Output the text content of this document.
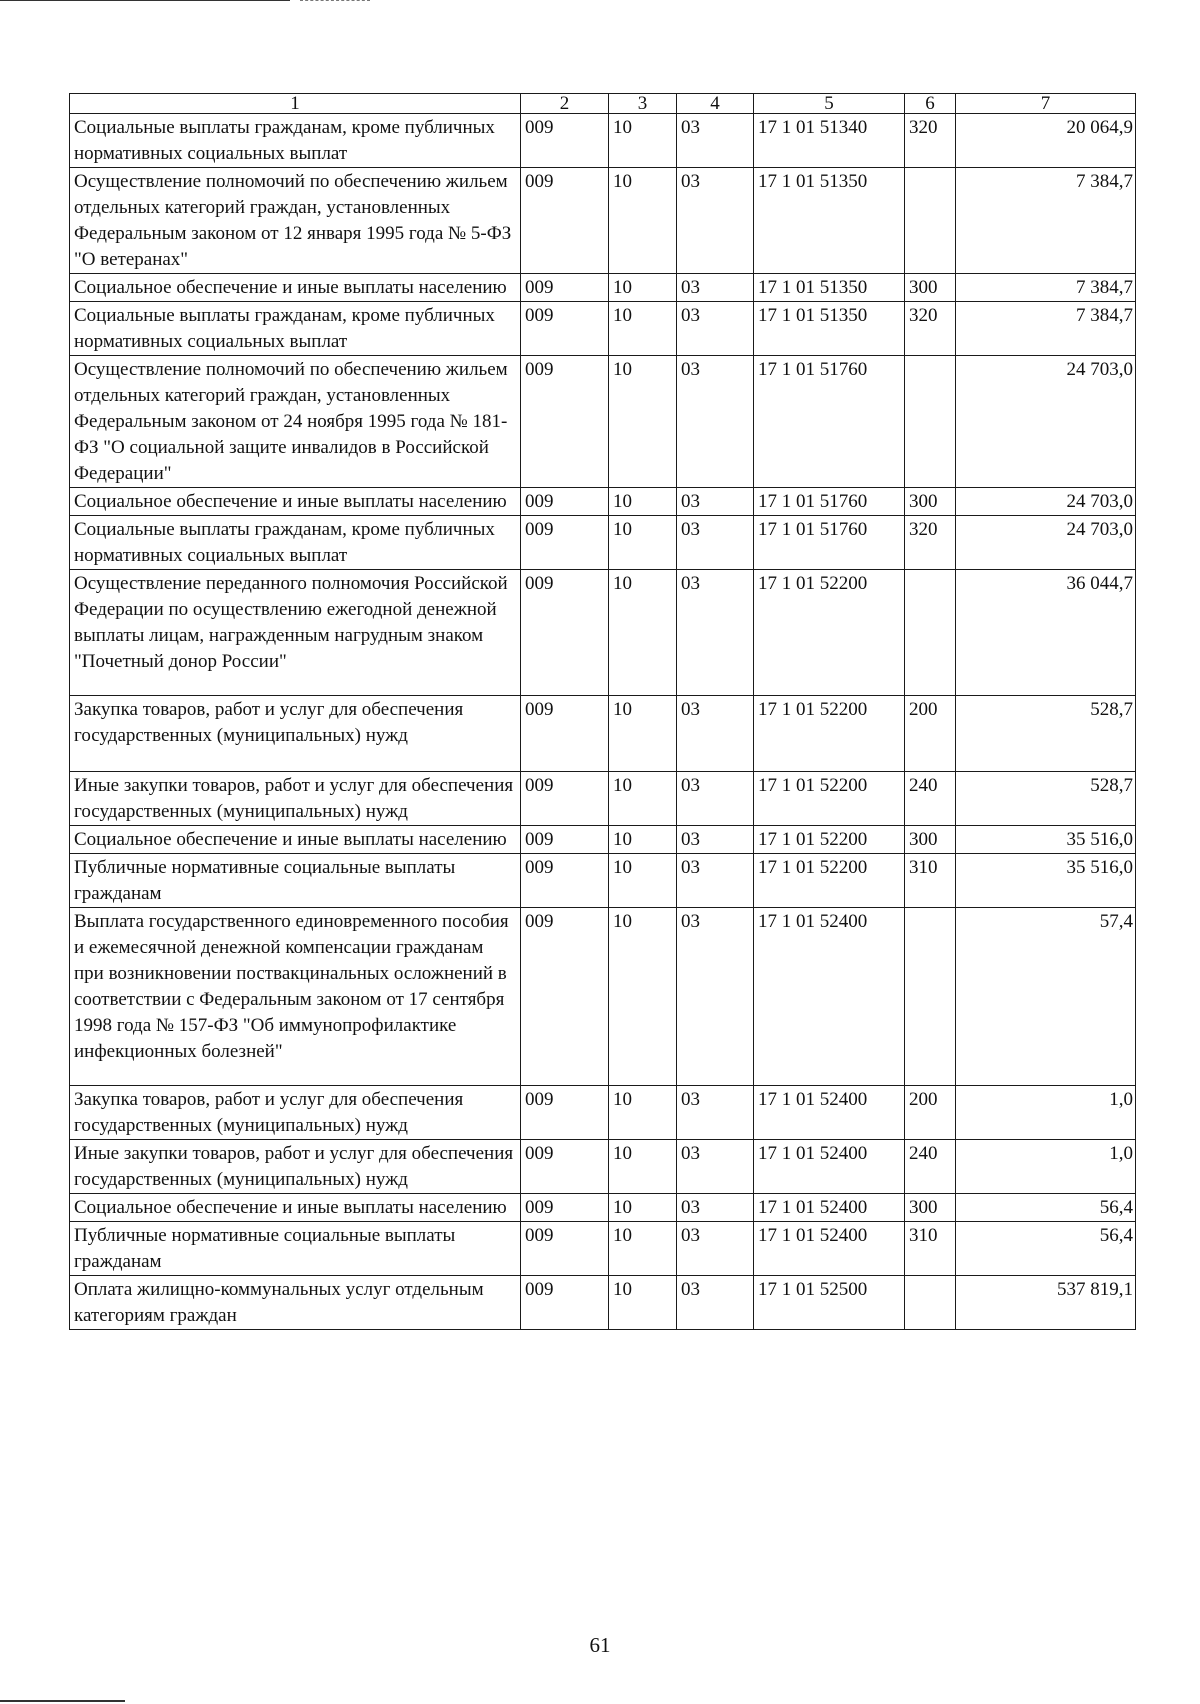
1	2	3	4	5	6	7
Социальные выплаты гражданам, кроме публичных нормативных социальных выплат	009	10	03	17 1 01 51340	320	20 064,9
Осуществление полномочий по обеспечению жильем отдельных категорий граждан, установленных Федеральным законом от 12 января 1995 года № 5-ФЗ "О ветеранах"	009	10	03	17 1 01 51350		7 384,7
Социальное обеспечение и иные выплаты населению	009	10	03	17 1 01 51350	300	7 384,7
Социальные выплаты гражданам, кроме публичных нормативных социальных выплат	009	10	03	17 1 01 51350	320	7 384,7
Осуществление полномочий по обеспечению жильем отдельных категорий граждан, установленных Федеральным законом от 24 ноября 1995 года № 181-ФЗ "О социальной защите инвалидов в Российской Федерации"	009	10	03	17 1 01 51760		24 703,0
Социальное обеспечение и иные выплаты населению	009	10	03	17 1 01 51760	300	24 703,0
Социальные выплаты гражданам, кроме публичных нормативных социальных выплат	009	10	03	17 1 01 51760	320	24 703,0
Осуществление переданного полномочия Российской Федерации по осуществлению ежегодной денежной выплаты лицам, награжденным нагрудным знаком "Почетный донор России"	009	10	03	17 1 01 52200		36 044,7
Закупка товаров, работ и услуг для обеспечения государственных (муниципальных) нужд	009	10	03	17 1 01 52200	200	528,7
Иные закупки товаров, работ и услуг для обеспечения государственных (муниципальных) нужд	009	10	03	17 1 01 52200	240	528,7
Социальное обеспечение и иные выплаты населению	009	10	03	17 1 01 52200	300	35 516,0
Публичные нормативные социальные выплаты гражданам	009	10	03	17 1 01 52200	310	35 516,0
Выплата государственного единовременного пособия и ежемесячной денежной компенсации гражданам при возникновении поствакцинальных осложнений в соответствии с Федеральным законом от 17 сентября 1998 года № 157-ФЗ "Об иммунопрофилактике инфекционных болезней"	009	10	03	17 1 01 52400		57,4
Закупка товаров, работ и услуг для обеспечения государственных (муниципальных) нужд	009	10	03	17 1 01 52400	200	1,0
Иные закупки товаров, работ и услуг для обеспечения государственных (муниципальных) нужд	009	10	03	17 1 01 52400	240	1,0
Социальное обеспечение и иные выплаты населению	009	10	03	17 1 01 52400	300	56,4
Публичные нормативные социальные выплаты гражданам	009	10	03	17 1 01 52400	310	56,4
Оплата жилищно-коммунальных услуг отдельным категориям граждан	009	10	03	17 1 01 52500		537 819,1
61
